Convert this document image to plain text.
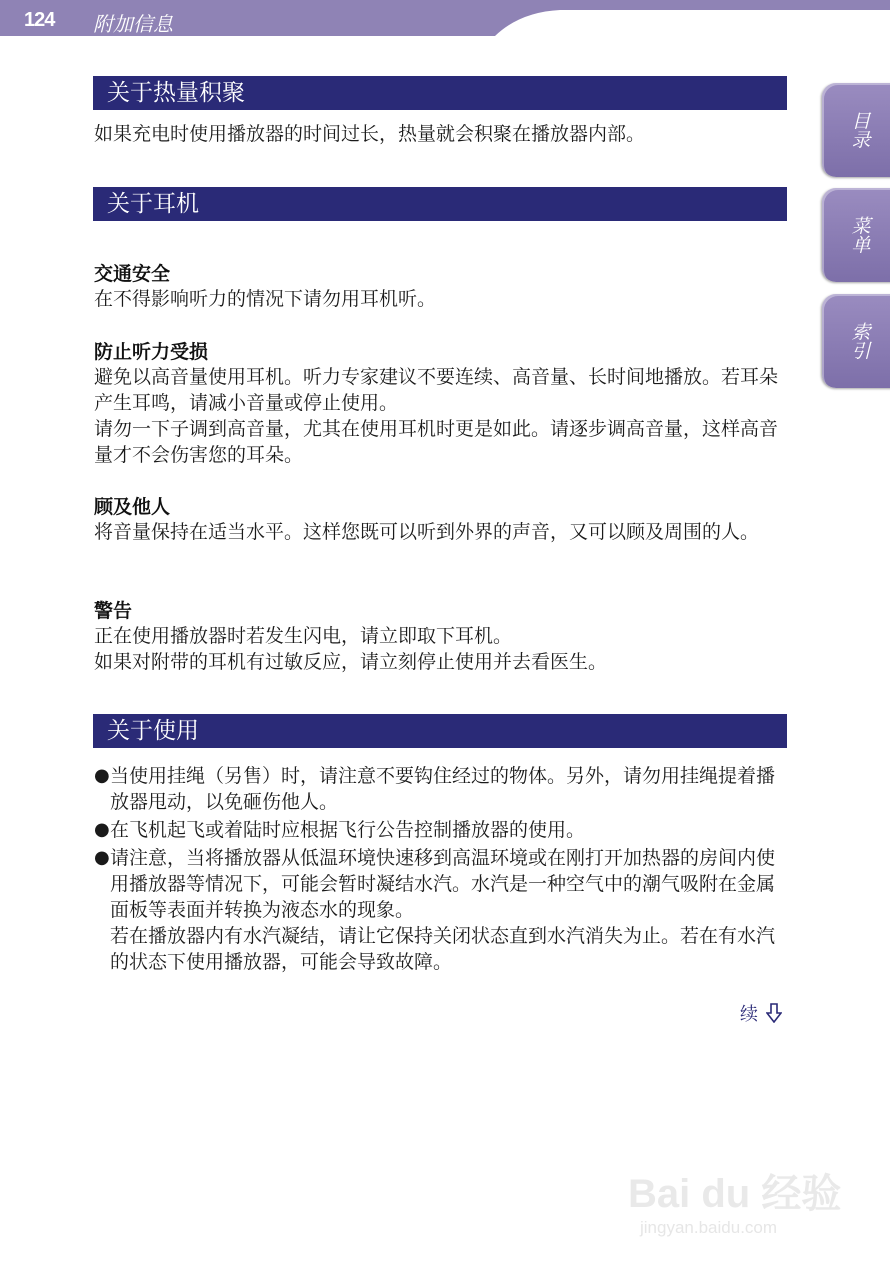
124 附加信息
目录
菜单
索引
关于热量积聚
如果充电时使用播放器的时间过长，热量就会积聚在播放器内部。
关于耳机
交通安全
在不得影响听力的情况下请勿用耳机听。
防止听力受损
避免以高音量使用耳机。听力专家建议不要连续、高音量、长时间地播放。若耳朵产生耳鸣，请减小音量或停止使用。
请勿一下子调到高音量，尤其在使用耳机时更是如此。请逐步调高音量，这样高音量才不会伤害您的耳朵。
顾及他人
将音量保持在适当水平。这样您既可以听到外界的声音，又可以顾及周围的人。
警告
正在使用播放器时若发生闪电，请立即取下耳机。
如果对附带的耳机有过敏反应，请立刻停止使用并去看医生。
关于使用
● 当使用挂绳（另售）时，请注意不要钩住经过的物体。另外，请勿用挂绳提着播放器甩动，以免砸伤他人。
● 在飞机起飞或着陆时应根据飞行公告控制播放器的使用。
● 请注意，当将播放器从低温环境快速移到高温环境或在刚打开加热器的房间内使用播放器等情况下，可能会暂时凝结水汽。水汽是一种空气中的潮气吸附在金属面板等表面并转换为液态水的现象。
若在播放器内有水汽凝结，请让它保持关闭状态直到水汽消失为止。若在有水汽的状态下使用播放器，可能会导致故障。
续
Bai du 经验
jingyan.baidu.com
